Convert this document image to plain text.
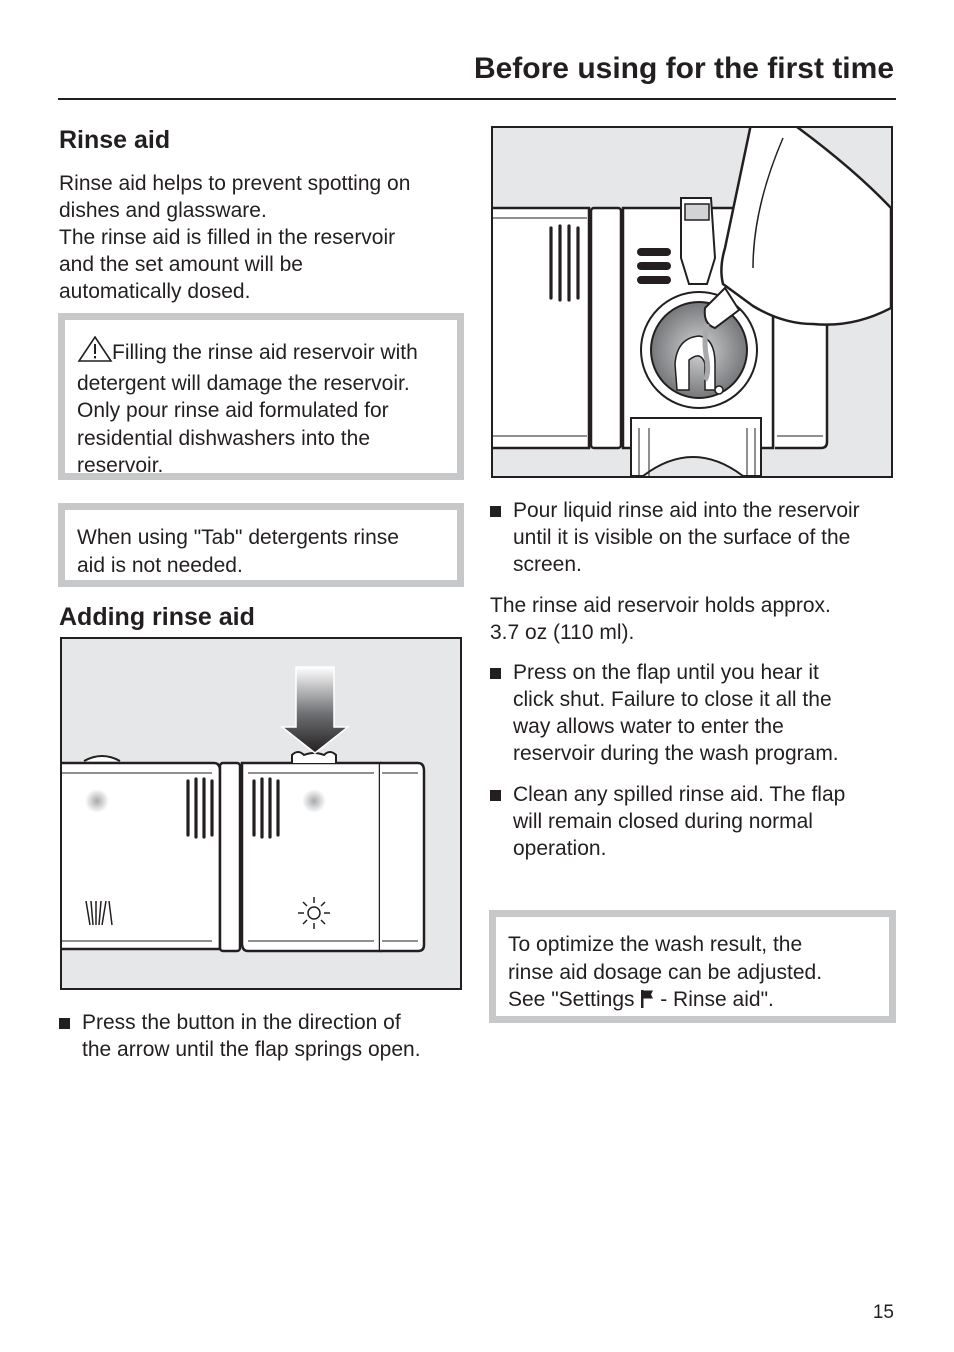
Before using for the first time
Rinse aid
Rinse aid helps to prevent spotting on
dishes and glassware.
The rinse aid is filled in the reservoir
and the set amount will be
automatically dosed.
Filling the rinse aid reservoir with
detergent will damage the reservoir.
Only pour rinse aid formulated for
residential dishwashers into the
reservoir.
When using "Tab" detergents rinse
aid is not needed.
Adding rinse aid
Press the button in the direction of
the arrow until the flap springs open.
Pour liquid rinse aid into the reservoir
until it is visible on the surface of the
screen.
The rinse aid reservoir holds approx.
3.7 oz (110 ml).
Press on the flap until you hear it
click shut. Failure to close it all the
way allows water to enter the
reservoir during the wash program.
Clean any spilled rinse aid. The flap
will remain closed during normal
operation.
To optimize the wash result, the
rinse aid dosage can be adjusted.
See "Settings  - Rinse aid".
15
